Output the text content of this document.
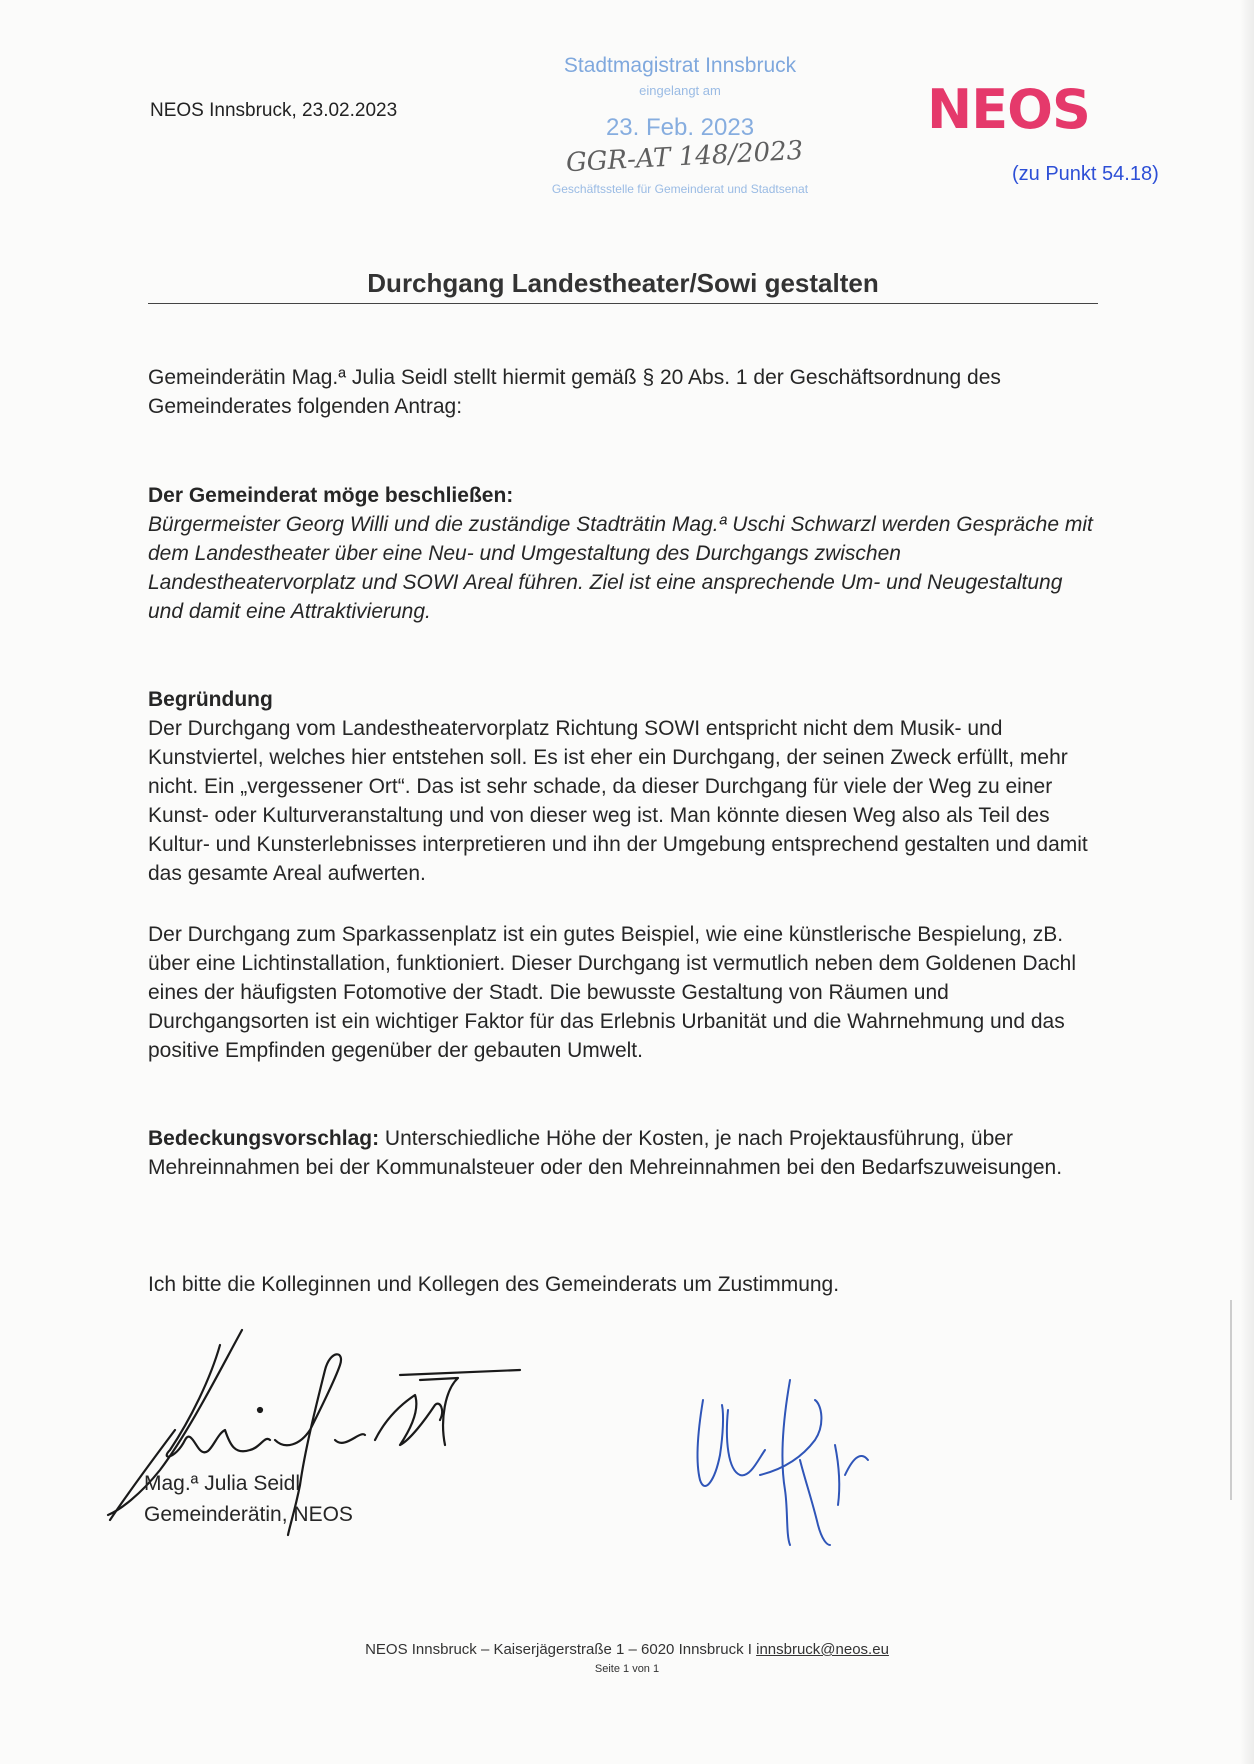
NEOS Innsbruck, 23.02.2023
Stadtmagistrat Innsbruck
eingelangt am
23. Feb. 2023
GGR-AT 148/2023
Geschäftsstelle für Gemeinderat und Stadtsenat
NEOS
(zu Punkt 54.18)
Durchgang Landestheater/Sowi gestalten
Gemeinderätin Mag.ª Julia Seidl stellt hiermit gemäß § 20 Abs. 1 der Geschäftsordnung des Gemeinderates folgenden Antrag:
Der Gemeinderat möge beschließen:
Bürgermeister Georg Willi und die zuständige Stadträtin Mag.ª Uschi Schwarzl werden Gespräche mit dem Landestheater über eine Neu- und Umgestaltung des Durchgangs zwischen Landestheatervorplatz und SOWI Areal führen. Ziel ist eine ansprechende Um- und Neugestaltung und damit eine Attraktivierung.
Begründung
Der Durchgang vom Landestheatervorplatz Richtung SOWI entspricht nicht dem Musik- und Kunstviertel, welches hier entstehen soll. Es ist eher ein Durchgang, der seinen Zweck erfüllt, mehr nicht. Ein „vergessener Ort“. Das ist sehr schade, da dieser Durchgang für viele der Weg zu einer Kunst- oder Kulturveranstaltung und von dieser weg ist. Man könnte diesen Weg also als Teil des Kultur- und Kunsterlebnisses interpretieren und ihn der Umgebung entsprechend gestalten und damit das gesamte Areal aufwerten.
Der Durchgang zum Sparkassenplatz ist ein gutes Beispiel, wie eine künstlerische Bespielung, zB. über eine Lichtinstallation, funktioniert. Dieser Durchgang ist vermutlich neben dem Goldenen Dachl eines der häufigsten Fotomotive der Stadt. Die bewusste Gestaltung von Räumen und Durchgangsorten ist ein wichtiger Faktor für das Erlebnis Urbanität und die Wahrnehmung und das positive Empfinden gegenüber der gebauten Umwelt.
Bedeckungsvorschlag: Unterschiedliche Höhe der Kosten, je nach Projektausführung, über Mehreinnahmen bei der Kommunalsteuer oder den Mehreinnahmen bei den Bedarfszuweisungen.
Ich bitte die Kolleginnen und Kollegen des Gemeinderats um Zustimmung.
Mag.ª Julia Seidl
Gemeinderätin, NEOS
NEOS Innsbruck – Kaiserjägerstraße 1 – 6020 Innsbruck I innsbruck@neos.eu
Seite 1 von 1
